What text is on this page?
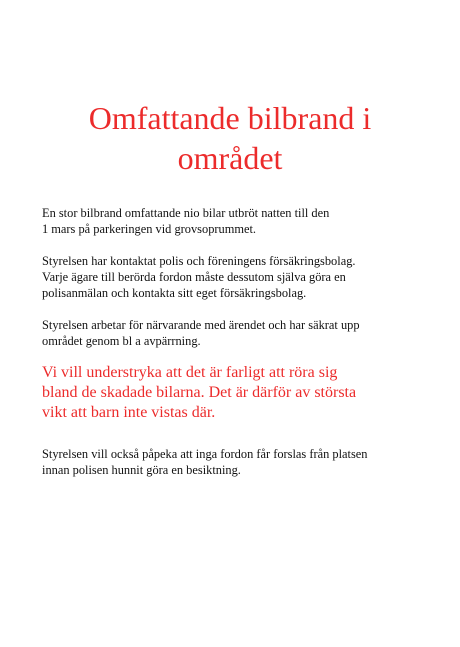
Omfattande bilbrand i
området

En stor bilbrand omfattande nio bilar utbröt natten till den
1 mars på parkeringen vid grovsoprummet.

Styrelsen har kontaktat polis och föreningens försäkringsbolag.
Varje ägare till berörda fordon måste dessutom själva göra en
polisanmälan och kontakta sitt eget försäkringsbolag.

Styrelsen arbetar för närvarande med ärendet och har säkrat upp
området genom bl a avpärrning.

Vi vill understryka att det är farligt att röra sig
bland de skadade bilarna. Det är därför av största
vikt att barn inte vistas där.

Styrelsen vill också påpeka att inga fordon får forslas från platsen
innan polisen hunnit göra en besiktning.
